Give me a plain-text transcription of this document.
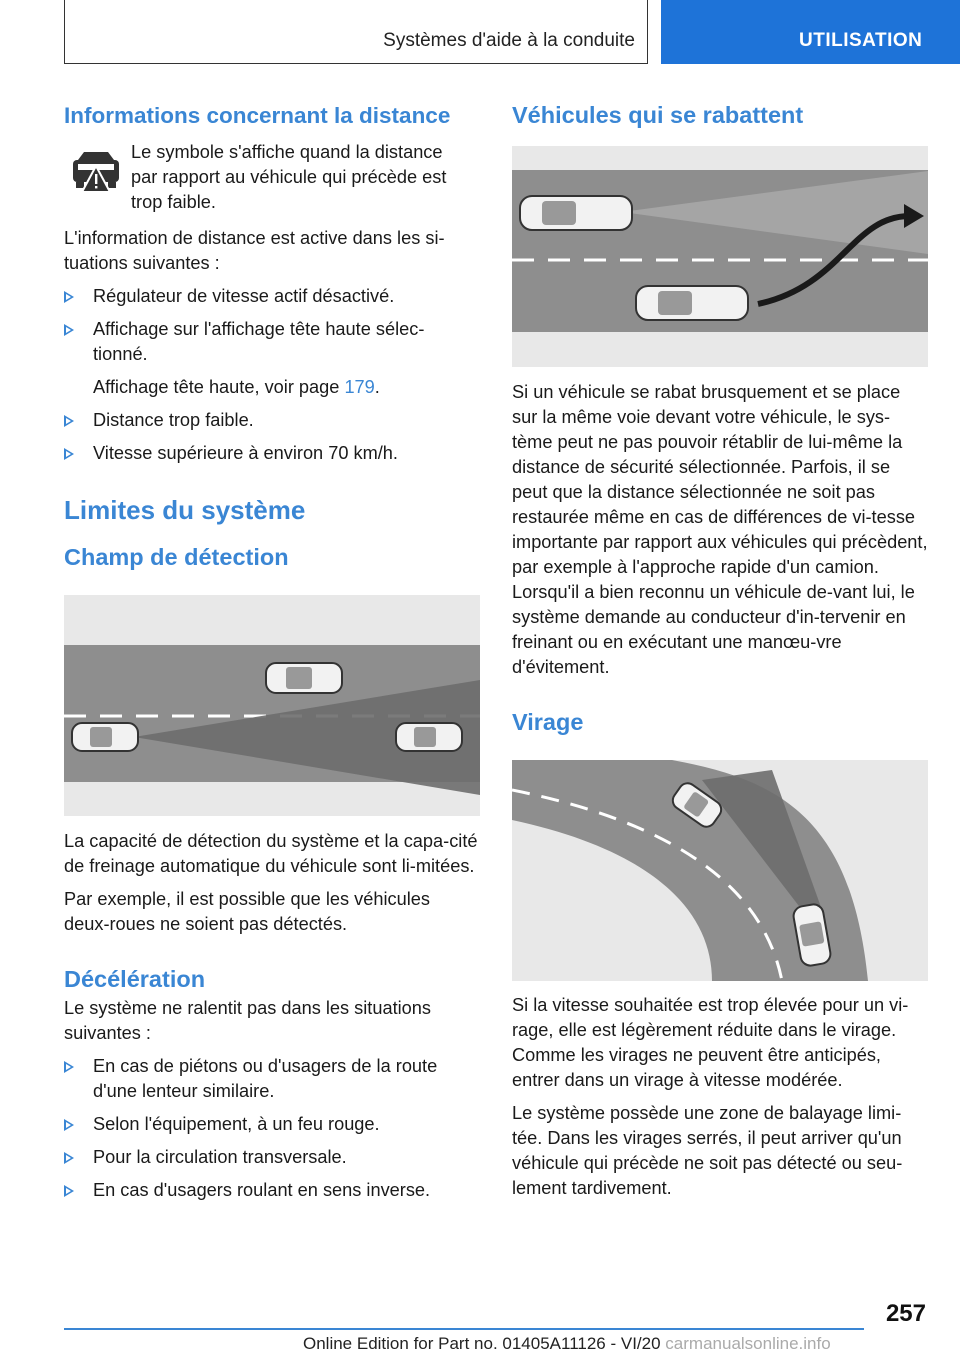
Systèmes d'aide à la conduite	UTILISATION
Informations concernant la distance
Le symbole s'affiche quand la distance par rapport au véhicule qui précède est trop faible.

L'information de distance est active dans les si-tuations suivantes :

Régulateur de vitesse actif désactivé.
Affichage sur l'affichage tête haute sélec-tionné.
Affichage tête haute, voir page 179.
Distance trop faible.
Vitesse supérieure à environ 70 km/h.
Limites du système
Champ de détection

La capacité de détection du système et la capa-cité de freinage automatique du véhicule sont li-mitées.

Par exemple, il est possible que les véhicules deux-roues ne soient pas détectés.

Décélération

Le système ne ralentit pas dans les situations suivantes :

En cas de piétons ou d'usagers de la route d'une lenteur similaire.
Selon l'équipement, à un feu rouge.
Pour la circulation transversale.
En cas d'usagers roulant en sens inverse.
Véhicules qui se rabattent

Si un véhicule se rabat brusquement et se place sur la même voie devant votre véhicule, le sys-tème peut ne pas pouvoir rétablir de lui-même la distance de sécurité sélectionnée. Parfois, il se peut que la distance sélectionnée ne soit pas restaurée même en cas de différences de vi-tesse importante par rapport aux véhicules qui précèdent, par exemple à l'approche rapide d'un camion. Lorsqu'il a bien reconnu un véhicule de-vant lui, le système demande au conducteur d'in-tervenir en freinant ou en exécutant une manœu-vre d'évitement.

Virage

Si la vitesse souhaitée est trop élevée pour un vi-rage, elle est légèrement réduite dans le virage. Comme les virages ne peuvent être anticipés, entrer dans un virage à vitesse modérée.

Le système possède une zone de balayage limi-tée. Dans les virages serrés, il peut arriver qu'un véhicule qui précède ne soit pas détecté ou seu-lement tardivement.

257
Online Edition for Part no. 01405A11126 - VI/20 carmanualsonline.info
